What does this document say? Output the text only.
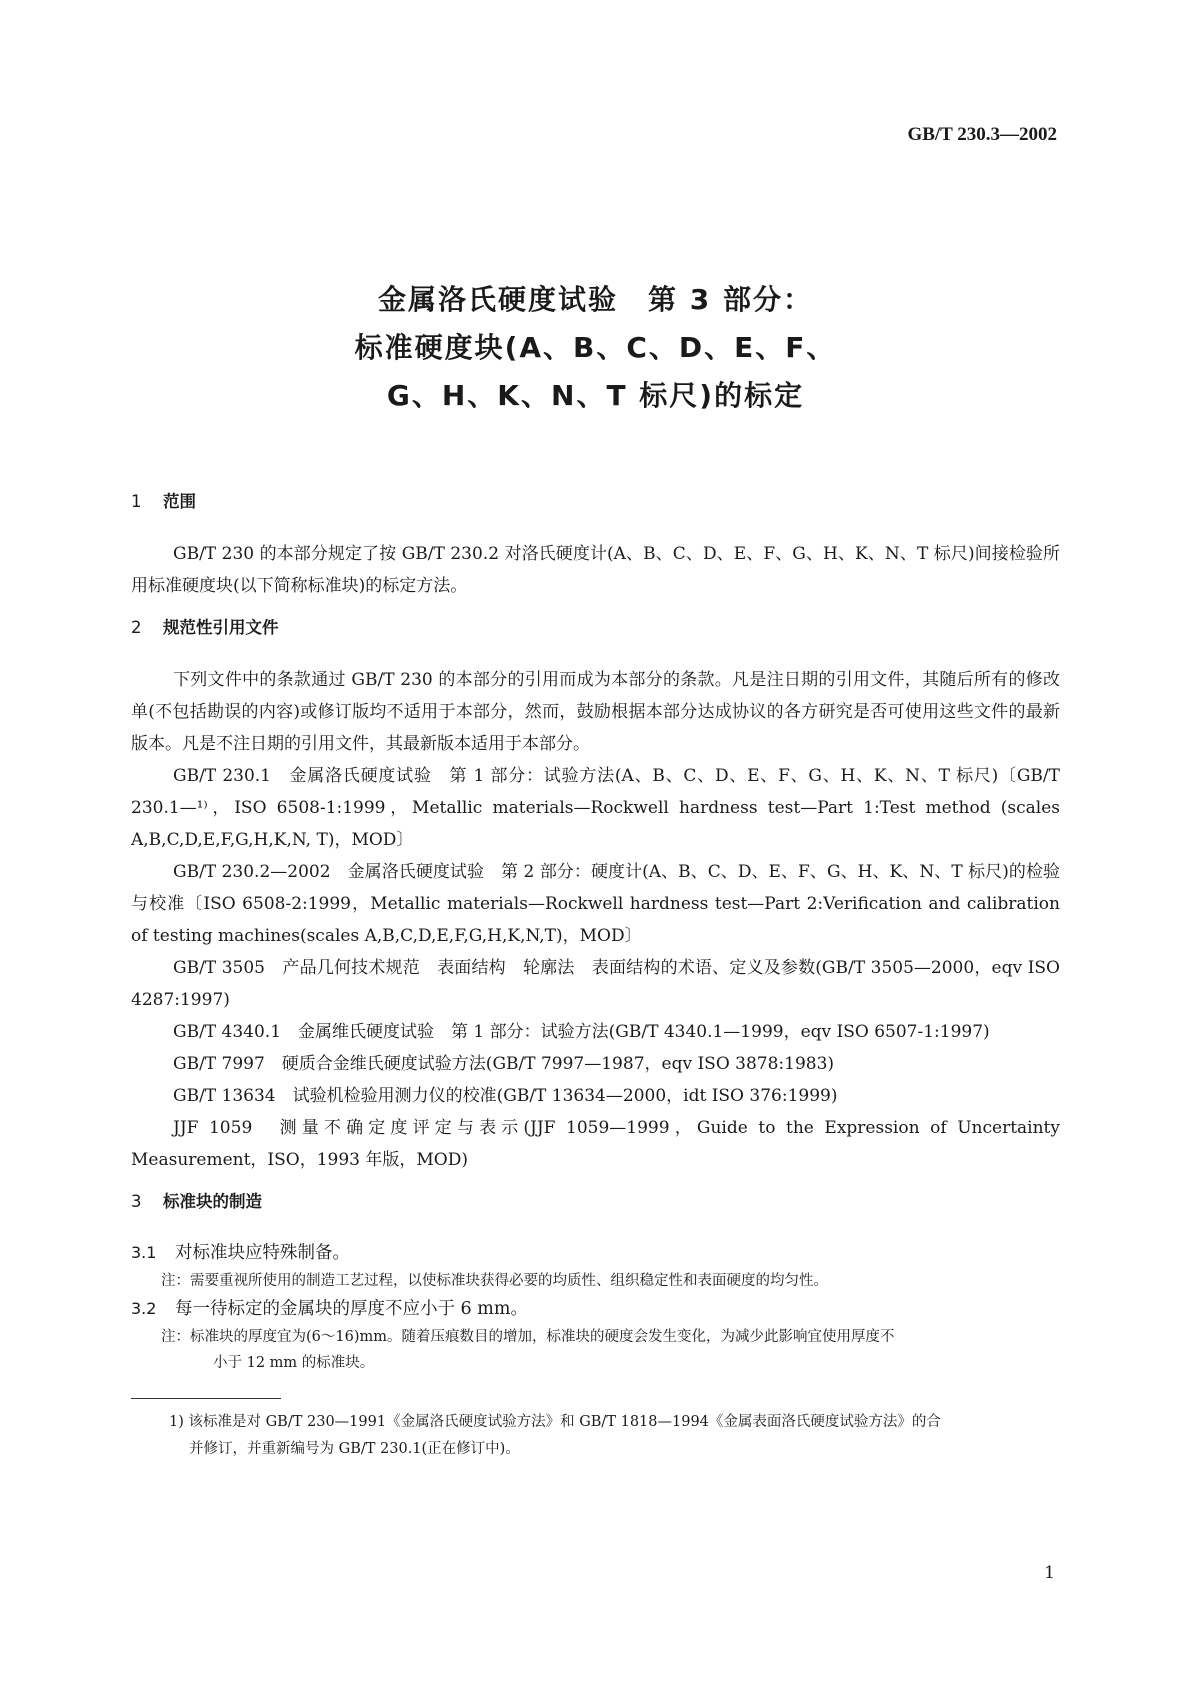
GB/T 230.3—2002
金属洛氏硬度试验　第 3 部分：
标准硬度块(A、B、C、D、E、F、
G、H、K、N、T 标尺)的标定
1 范围

GB/T 230 的本部分规定了按 GB/T 230.2 对洛氏硬度计(A、B、C、D、E、F、G、H、K、N、T 标尺)间接检验所用标准硬度块(以下简称标准块)的标定方法。

2 规范性引用文件

下列文件中的条款通过 GB/T 230 的本部分的引用而成为本部分的条款。凡是注日期的引用文件，其随后所有的修改单(不包括勘误的内容)或修订版均不适用于本部分，然而，鼓励根据本部分达成协议的各方研究是否可使用这些文件的最新版本。凡是不注日期的引用文件，其最新版本适用于本部分。

GB/T 230.1　金属洛氏硬度试验　第 1 部分：试验方法(A、B、C、D、E、F、G、H、K、N、T 标尺)〔GB/T 230.1—¹⁾，ISO 6508-1:1999，Metallic materials—Rockwell hardness test—Part 1:Test method (scales A,B,C,D,E,F,G,H,K,N, T)，MOD〕

GB/T 230.2—2002　金属洛氏硬度试验　第 2 部分：硬度计(A、B、C、D、E、F、G、H、K、N、T 标尺)的检验与校准〔ISO 6508-2:1999，Metallic materials—Rockwell hardness test—Part 2:Verification and calibration of testing machines(scales A,B,C,D,E,F,G,H,K,N,T)，MOD〕

GB/T 3505　产品几何技术规范　表面结构　轮廓法　表面结构的术语、定义及参数(GB/T 3505—2000，eqv ISO 4287:1997)

GB/T 4340.1　金属维氏硬度试验　第 1 部分：试验方法(GB/T 4340.1—1999，eqv ISO 6507-1:1997)

GB/T 7997　硬质合金维氏硬度试验方法(GB/T 7997—1987，eqv ISO 3878:1983)

GB/T 13634　试验机检验用测力仪的校准(GB/T 13634—2000，idt ISO 376:1999)

JJF 1059　测量不确定度评定与表示(JJF 1059—1999，Guide to the Expression of Uncertainty Measurement，ISO，1993 年版，MOD)

3 标准块的制造

3.1 对标准块应特殊制备。

注：需要重视所使用的制造工艺过程，以使标准块获得必要的均质性、组织稳定性和表面硬度的均匀性。

3.2 每一待标定的金属块的厚度不应小于 6 mm。

注：标准块的厚度宜为(6～16)mm。随着压痕数目的增加，标准块的硬度会发生变化，为减少此影响宜使用厚度不
小于 12 mm 的标准块。

1) 该标准是对 GB/T 230—1991《金属洛氏硬度试验方法》和 GB/T 1818—1994《金属表面洛氏硬度试验方法》的合
并修订，并重新编号为 GB/T 230.1(正在修订中)。

1
